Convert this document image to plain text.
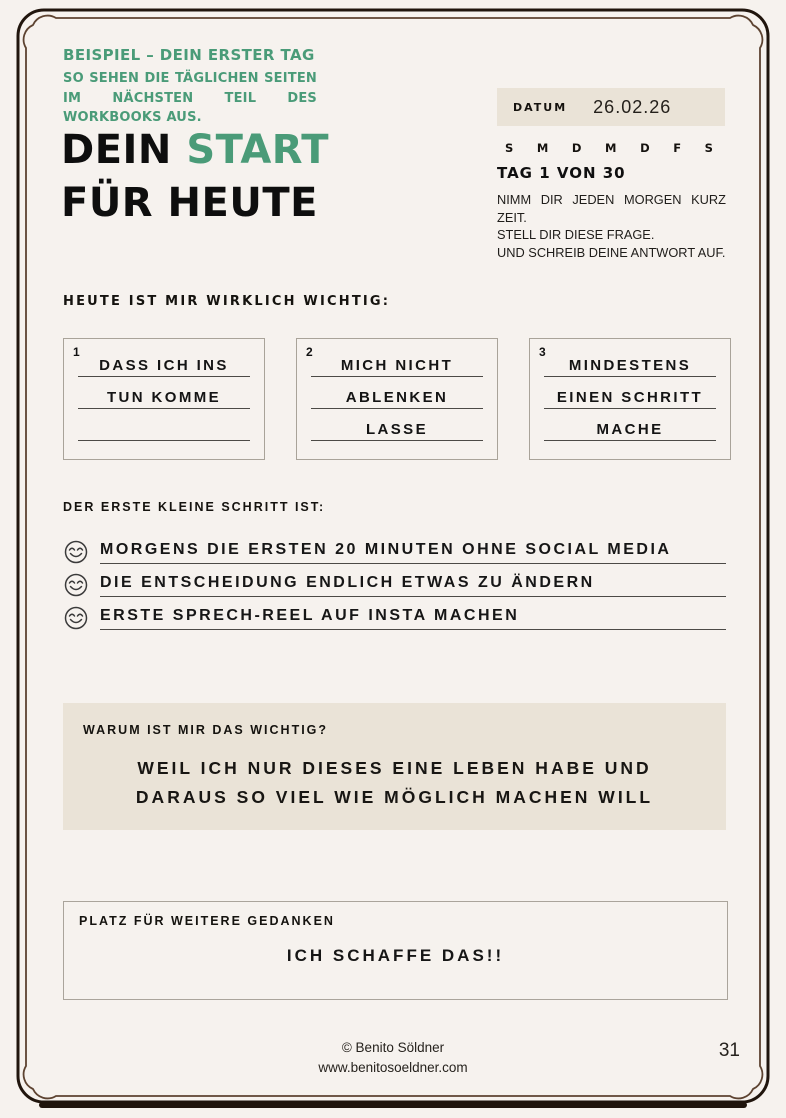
BEISPIEL – DEIN ERSTER TAG
SO SEHEN DIE TÄGLICHEN SEITEN
IM NÄCHSTEN TEIL DES
WORKBOOKS AUS.
DEIN START
FÜR HEUTE
DATUM 26.02.26
S M D M D F S
TAG 1 VON 30
NIMM DIR JEDEN MORGEN KURZ
ZEIT.
STELL DIR DIESE FRAGE.
UND SCHREIB DEINE ANTWORT AUF.
HEUTE IST MIR WIRKLICH WICHTIG:
1
DASS ICH INS
TUN KOMME
2
MICH NICHT
ABLENKEN
LASSE
3
MINDESTENS
EINEN SCHRITT
MACHE
DER ERSTE KLEINE SCHRITT IST:
MORGENS DIE ERSTEN 20 MINUTEN OHNE SOCIAL MEDIA
DIE ENTSCHEIDUNG ENDLICH ETWAS ZU ÄNDERN
ERSTE SPRECH-REEL AUF INSTA MACHEN
WARUM IST MIR DAS WICHTIG?
WEIL ICH NUR DIESES EINE LEBEN HABE UND
DARAUS SO VIEL WIE MÖGLICH MACHEN WILL
PLATZ FÜR WEITERE GEDANKEN
ICH SCHAFFE DAS!!
© Benito Söldner
www.benitosoeldner.com
31
